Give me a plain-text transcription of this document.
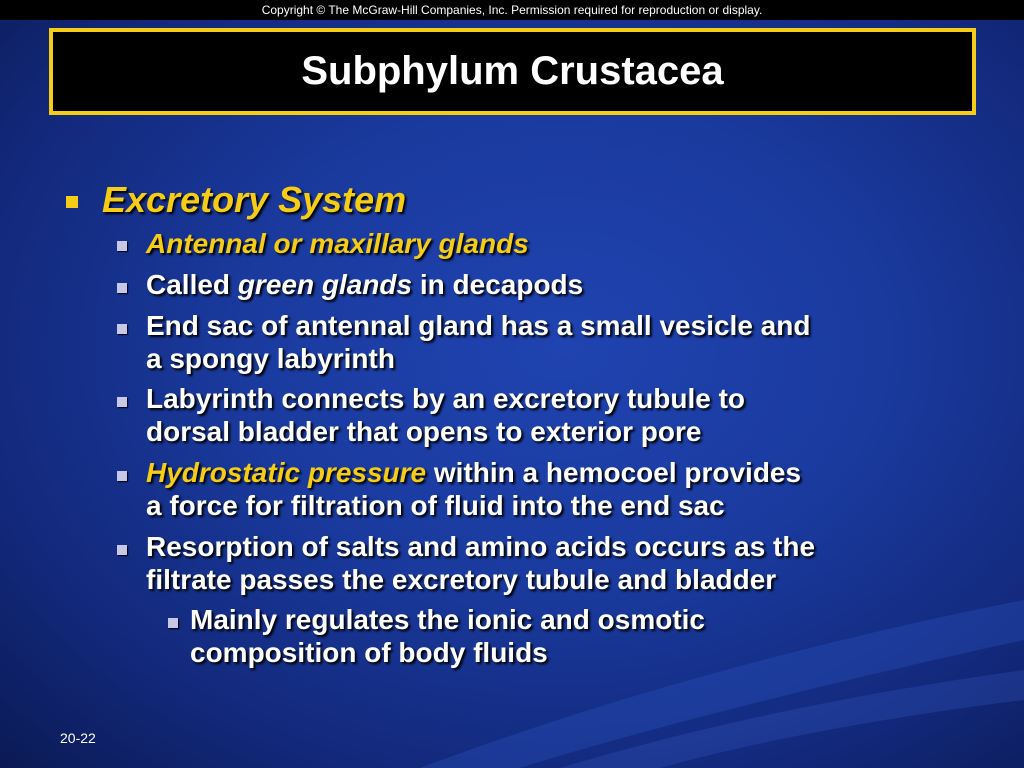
Copyright © The McGraw-Hill Companies, Inc. Permission required for reproduction or display.
Subphylum Crustacea
Excretory System
Antennal or maxillary glands
Called green glands in decapods
End sac of antennal gland has a small vesicle and
a spongy labyrinth
Labyrinth connects by an excretory tubule to
dorsal bladder that opens to exterior pore
Hydrostatic pressure within a hemocoel provides
a force for filtration of fluid into the end sac
Resorption of salts and amino acids occurs as the
filtrate passes the excretory tubule and bladder
Mainly regulates the ionic and osmotic
composition of body fluids
20-22
